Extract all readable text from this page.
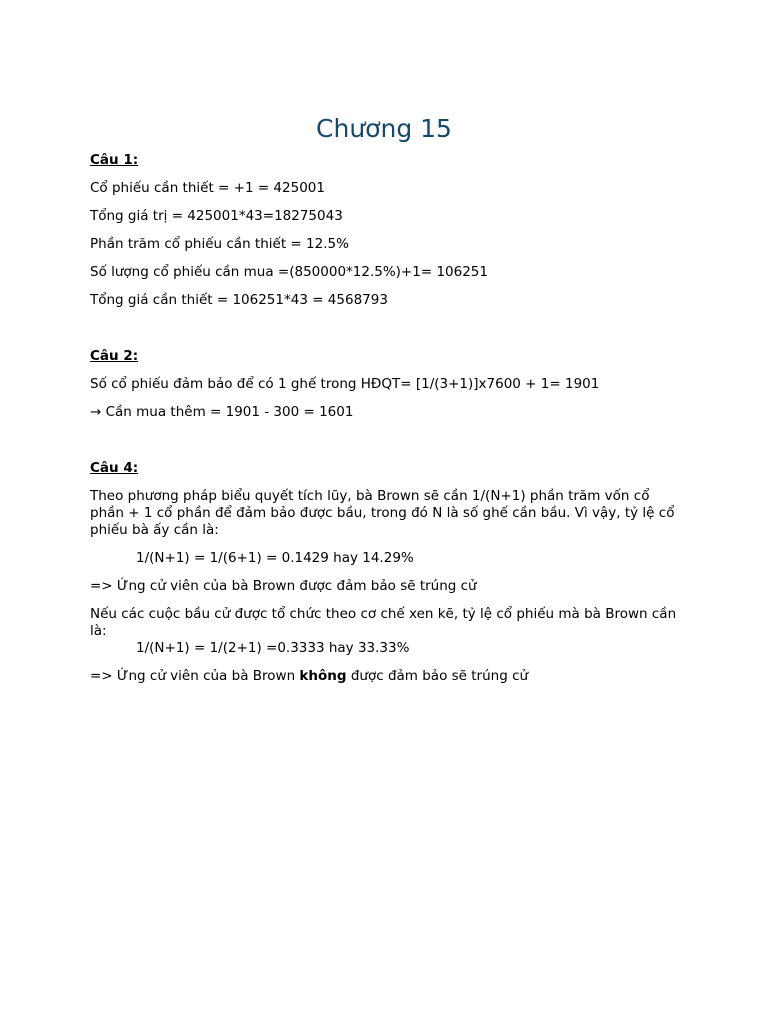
Chương 15
Câu 1:
Cổ phiếu cần thiết = +1 = 425001
Tổng giá trị = 425001*43=18275043
Phần trăm cổ phiếu cần thiết = 12.5%
Số lượng cổ phiếu cần mua =(850000*12.5%)+1= 106251
Tổng giá cần thiết = 106251*43 = 4568793
Câu 2:
Số cổ phiếu đảm bảo để có 1 ghế trong HĐQT= [1/(3+1)]x7600 + 1= 1901
→ Cần mua thêm = 1901 - 300 = 1601
Câu 4:
Theo phương pháp biểu quyết tích lũy, bà Brown sẽ cần 1/(N+1) phần trăm vốn cổ phần + 1 cổ phần để đảm bảo được bầu, trong đó N là số ghế cần bầu. Vì vậy, tỷ lệ cổ phiếu bà ấy cần là:
1/(N+1) = 1/(6+1) = 0.1429 hay 14.29%
=> Ứng cử viên của bà Brown được đảm bảo sẽ trúng cử
Nếu các cuộc bầu cử được tổ chức theo cơ chế xen kẽ, tỷ lệ cổ phiếu mà bà Brown cần là:
1/(N+1) = 1/(2+1) =0.3333 hay 33.33%
=> Ứng cử viên của bà Brown không được đảm bảo sẽ trúng cử
